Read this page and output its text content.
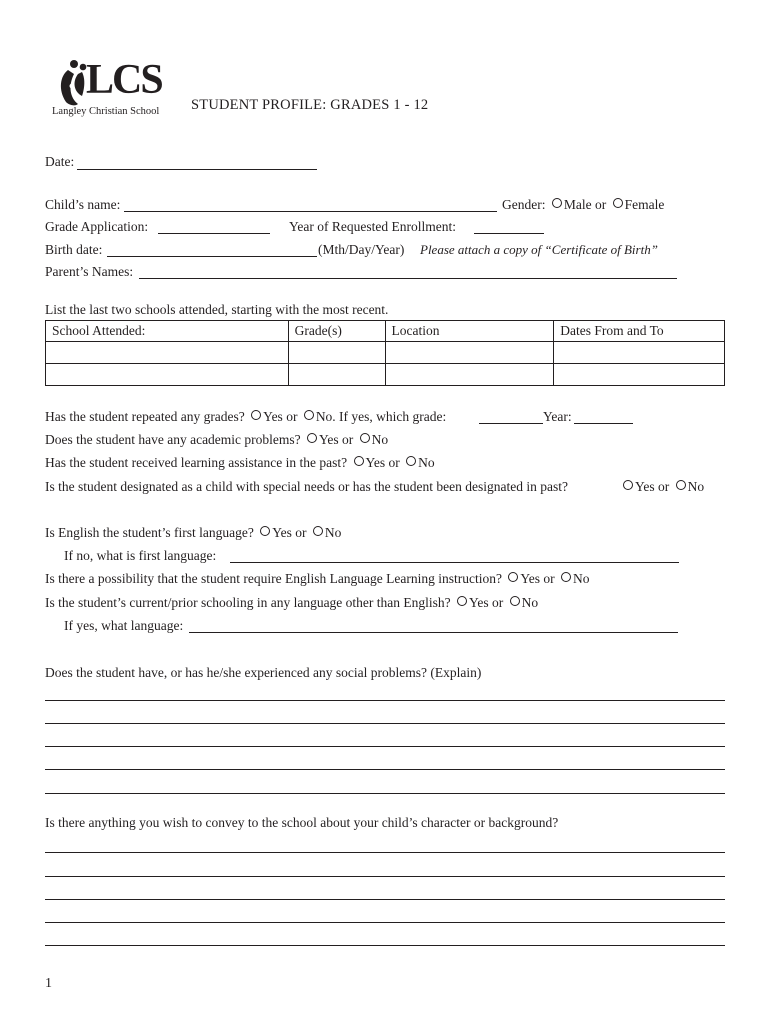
LCS
Langley Christian School STUDENT PROFILE: GRADES 1 - 12
Date:
Child’s name:	Gender: Male or Female
Grade Application:	Year of Requested Enrollment:
Birth date:	(Mth/Day/Year) Please attach a copy of “Certificate of Birth”
Parent’s Names:
List the last two schools attended, starting with the most recent.
School Attended:	Grade(s)	Location	Dates From and To

Has the student repeated any grades? Yes or No. If yes, which grade:	Year:
Does the student have any academic problems? Yes or No
Has the student received learning assistance in the past? Yes or No
Is the student designated as a child with special needs or has the student been designated in past?	Yes or No
Is English the student’s first language? Yes or No
If no, what is first language:
Is there a possibility that the student require English Language Learning instruction? Yes or No
Is the student’s current/prior schooling in any language other than English? Yes or No
If yes, what language:
Does the student have, or has he/she experienced any social problems? (Explain)
Is there anything you wish to convey to the school about your child’s character or background?
1
